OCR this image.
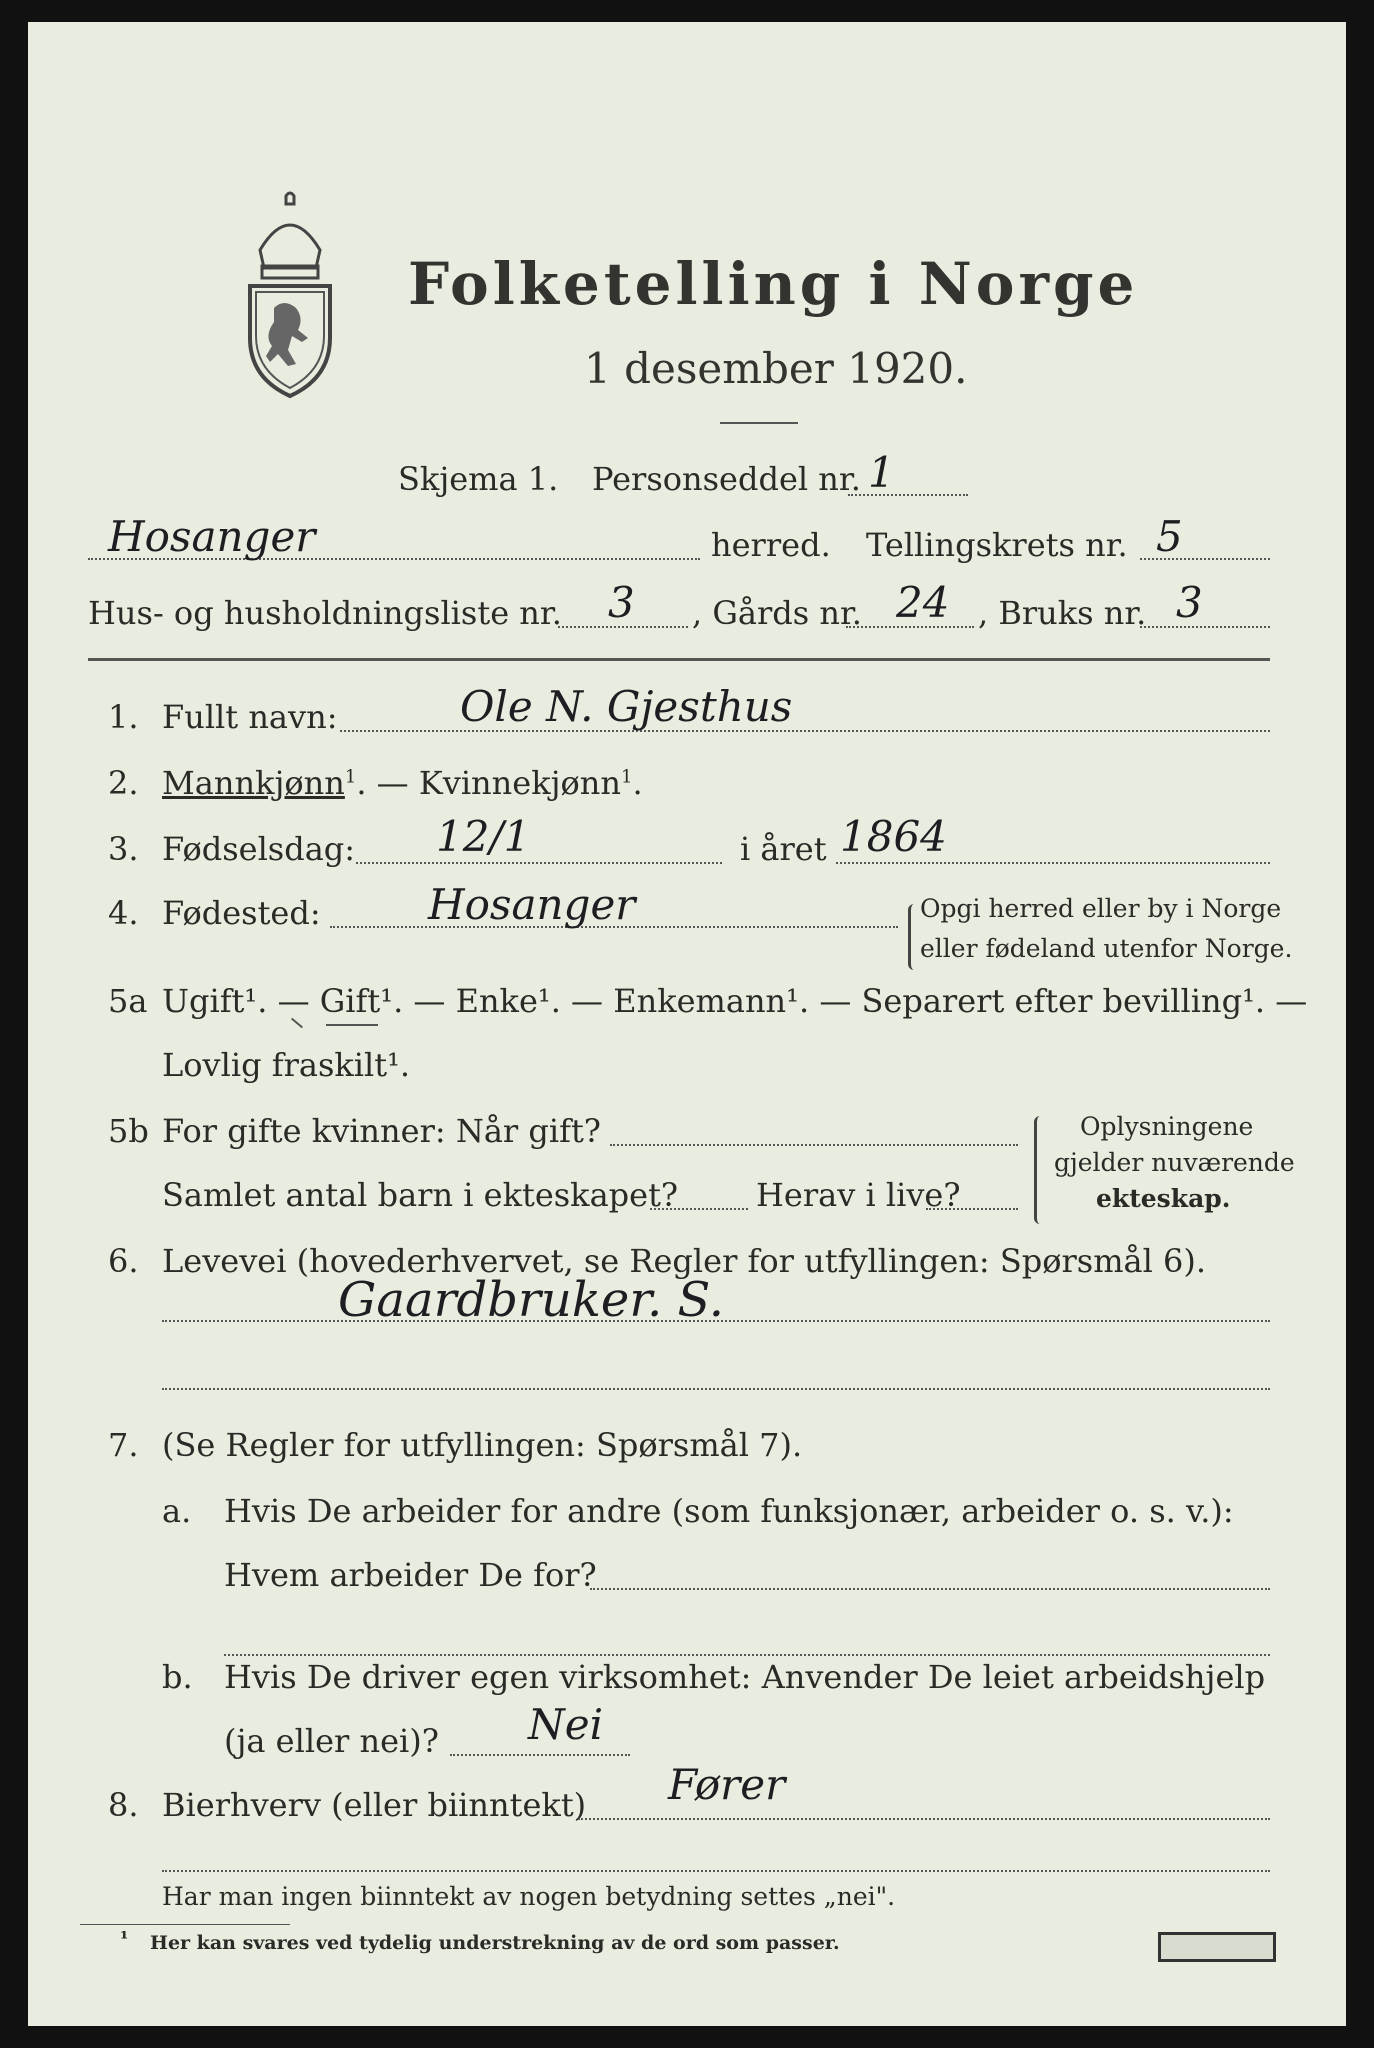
Folketelling i Norge
1 desember 1920.
Skjema 1. Personseddel nr. 1
Hosanger	herred. Tellingskrets nr. 5
Hus- og husholdningsliste nr. 3 , Gårds nr. 24 , Bruks nr. 3
1. Fullt navn:	Ole N. Gjesthus
2. Mannkjønn$^1$. — Kvinnekjønn$^1$.
3. Fødselsdag: 12/1	i året 1864
4. Fødested:	Hosanger	Opgi herred eller by i Norge
eller fødeland utenfor Norge.
5a Ugift¹. — Gift¹. — Enke¹. — Enkemann¹. — Separert efter bevilling¹. —
Lovlig fraskilt¹.
5b For gifte kvinner: Når gift?
Samlet antal barn i ekteskapet? Herav i live?
Oplysningene
gjelder nuværende
ekteskap.
6. Levevei (hovederhvervet, se Regler for utfyllingen: Spørsmål 6).
Gaardbruker. S.
7. (Se Regler for utfyllingen: Spørsmål 7).
a. Hvis De arbeider for andre (som funksjonær, arbeider o. s. v.):
Hvem arbeider De for?
b. Hvis De driver egen virksomhet: Anvender De leiet arbeidshjelp
(ja eller nei)? Nei
8. Bierhverv (eller biinntekt) Fører
Har man ingen biinntekt av nogen betydning settes „nei".
¹ Her kan svares ved tydelig understrekning av de ord som passer.
